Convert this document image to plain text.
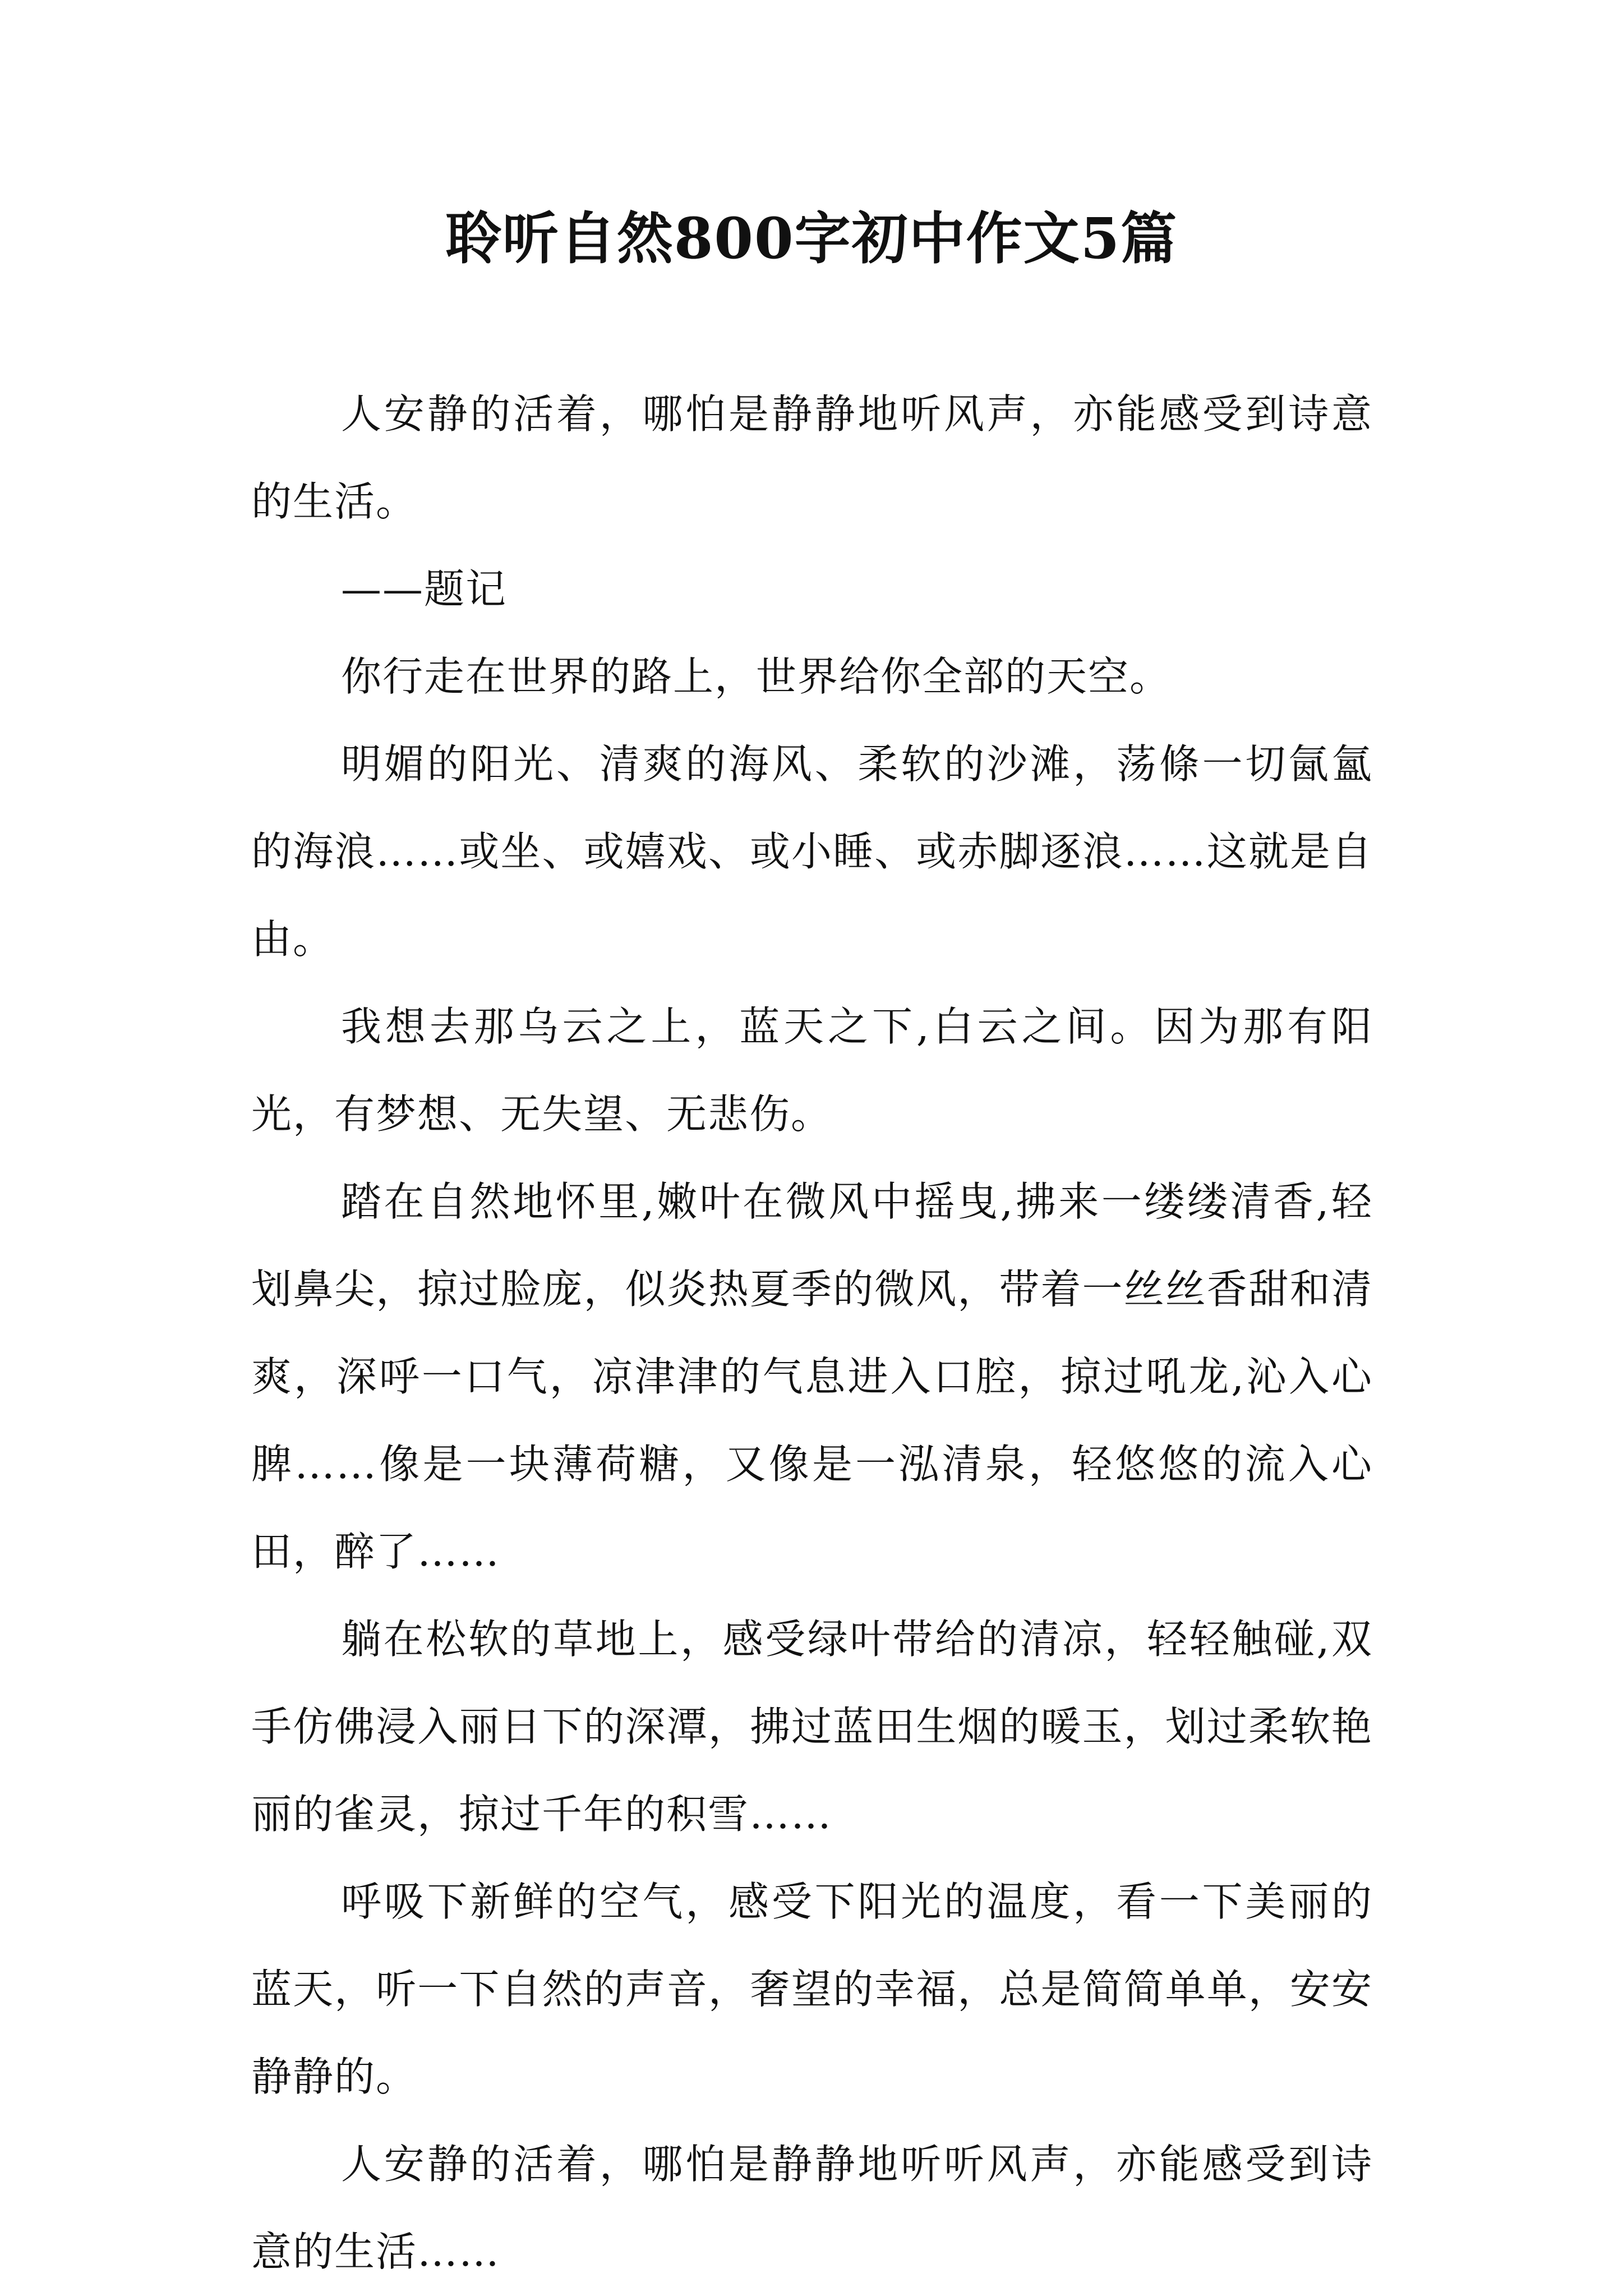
聆听自然800字初中作文5篇

人安静的活着，哪怕是静静地听风声，亦能感受到诗意的生活。

——题记

你行走在世界的路上，世界给你全部的天空。

明媚的阳光、清爽的海风、柔软的沙滩，荡條一切氤氳的海浪……或坐、或嬉戏、或小睡、或赤脚逐浪……这就是自由。

我想去那乌云之上，蓝天之下,白云之间。因为那有阳光，有梦想、无失望、无悲伤。

踏在自然地怀里,嫩叶在微风中摇曳,拂来一缕缕清香,轻划鼻尖，掠过脸庞，似炎热夏季的微风，带着一丝丝香甜和清爽，深呼一口气，凉津津的气息进入口腔，掠过吼龙,沁入心脾……像是一块薄荷糖，又像是一泓清泉，轻悠悠的流入心田，醉了……

躺在松软的草地上，感受绿叶带给的清凉，轻轻触碰,双手仿佛浸入丽日下的深潭，拂过蓝田生烟的暖玉，划过柔软艳丽的雀灵，掠过千年的积雪……

呼吸下新鲜的空气，感受下阳光的温度，看一下美丽的蓝天，听一下自然的声音，奢望的幸福，总是简简单单，安安静静的。

人安静的活着，哪怕是静静地听听风声，亦能感受到诗意的生活……
